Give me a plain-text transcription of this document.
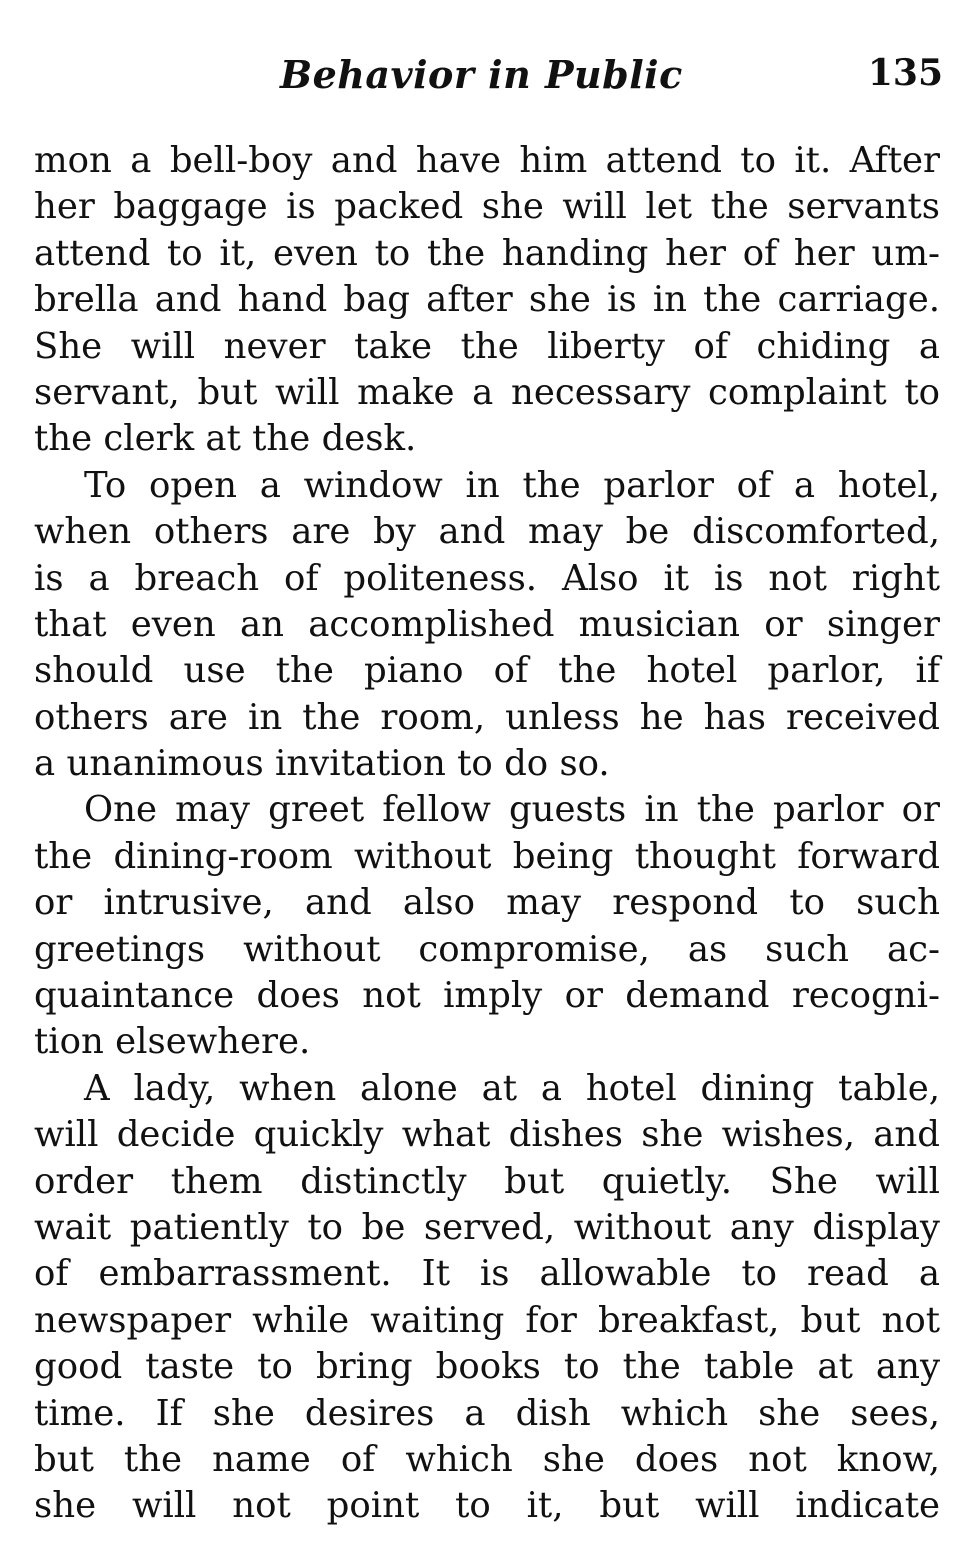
Behavior in Public	135
mon a bell-boy and have him attend to it. After
her baggage is packed she will let the servants
attend to it, even to the handing her of her um-
brella and hand bag after she is in the carriage.
She will never take the liberty of chiding a
servant, but will make a necessary complaint to
the clerk at the desk.
To open a window in the parlor of a hotel,
when others are by and may be discomforted,
is a breach of politeness. Also it is not right
that even an accomplished musician or singer
should use the piano of the hotel parlor, if
others are in the room, unless he has received
a unanimous invitation to do so.
One may greet fellow guests in the parlor or
the dining-room without being thought forward
or intrusive, and also may respond to such
greetings without compromise, as such ac-
quaintance does not imply or demand recogni-
tion elsewhere.
A lady, when alone at a hotel dining table,
will decide quickly what dishes she wishes, and
order them distinctly but quietly. She will
wait patiently to be served, without any display
of embarrassment. It is allowable to read a
newspaper while waiting for breakfast, but not
good taste to bring books to the table at any
time. If she desires a dish which she sees,
but the name of which she does not know,
she will not point to it, but will indicate
